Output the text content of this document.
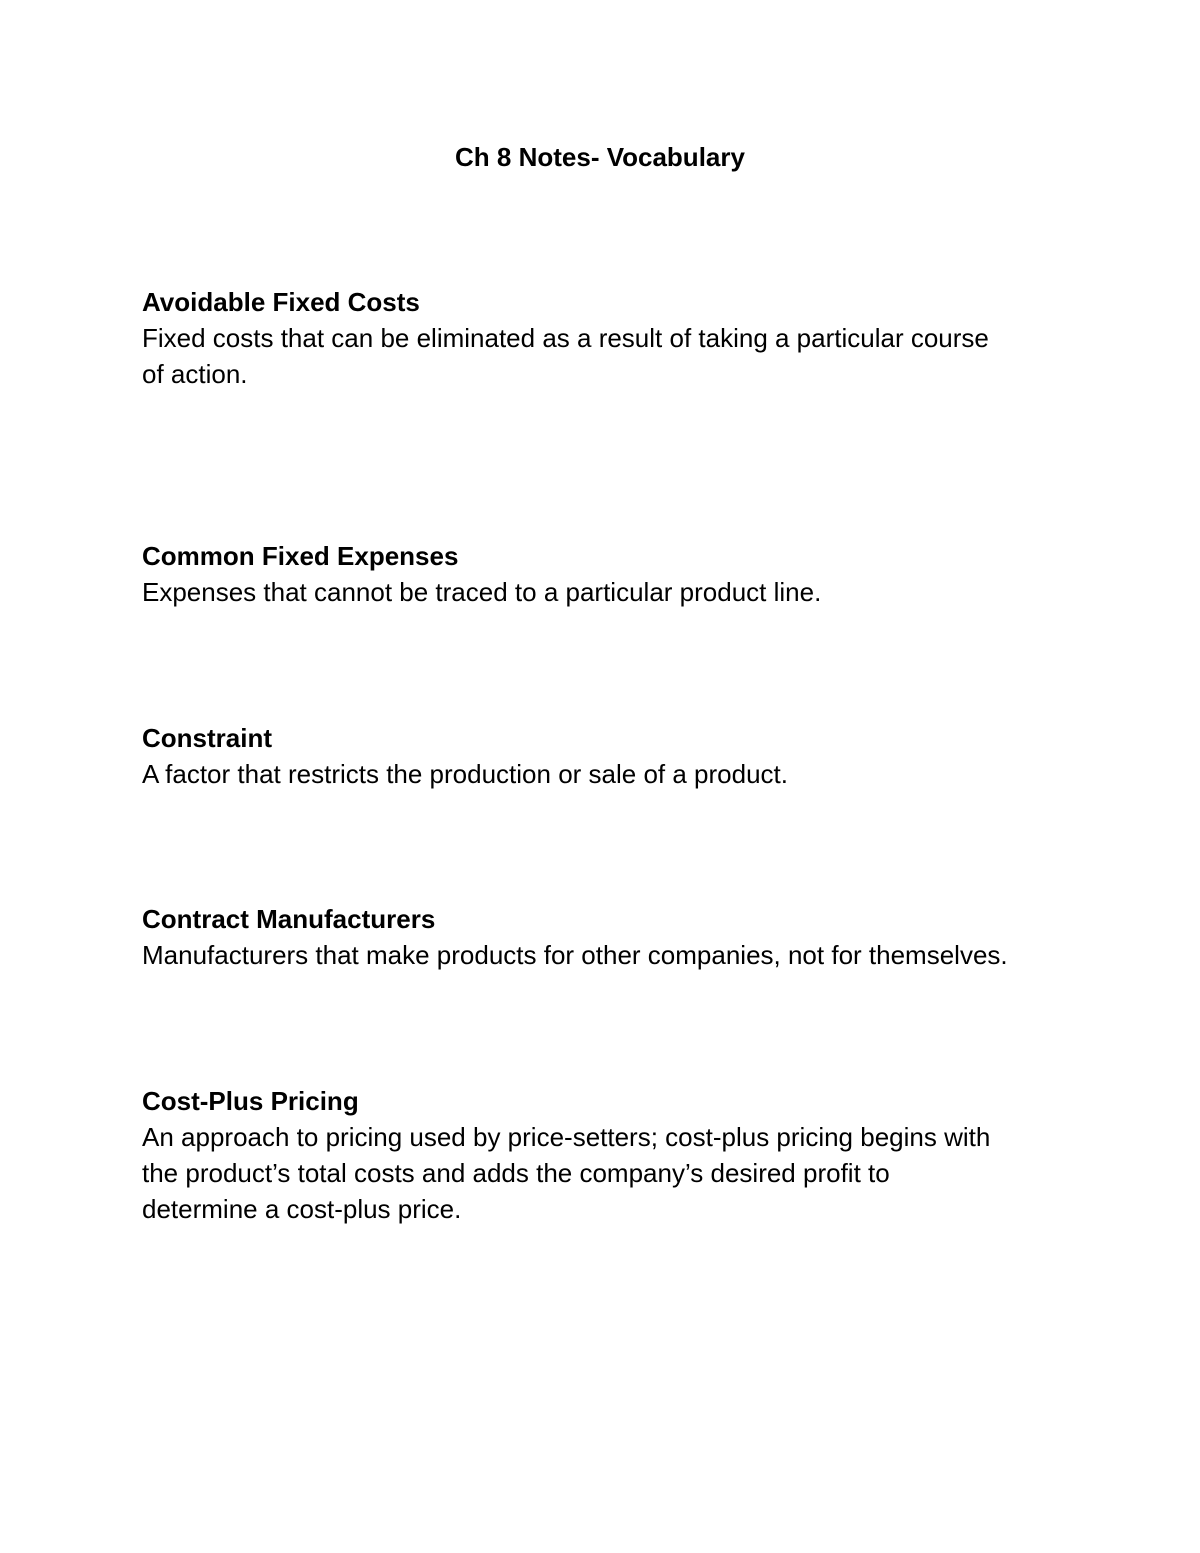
Ch 8 Notes- Vocabulary

Avoidable Fixed Costs

Fixed costs that can be eliminated as a result of taking a particular course

of action.

Common Fixed Expenses

Expenses that cannot be traced to a particular product line.

Constraint

A factor that restricts the production or sale of a product.

Contract Manufacturers

Manufacturers that make products for other companies, not for themselves.

Cost-Plus Pricing

An approach to pricing used by price-setters; cost-plus pricing begins with

the product’s total costs and adds the company’s desired profit to

determine a cost-plus price.
